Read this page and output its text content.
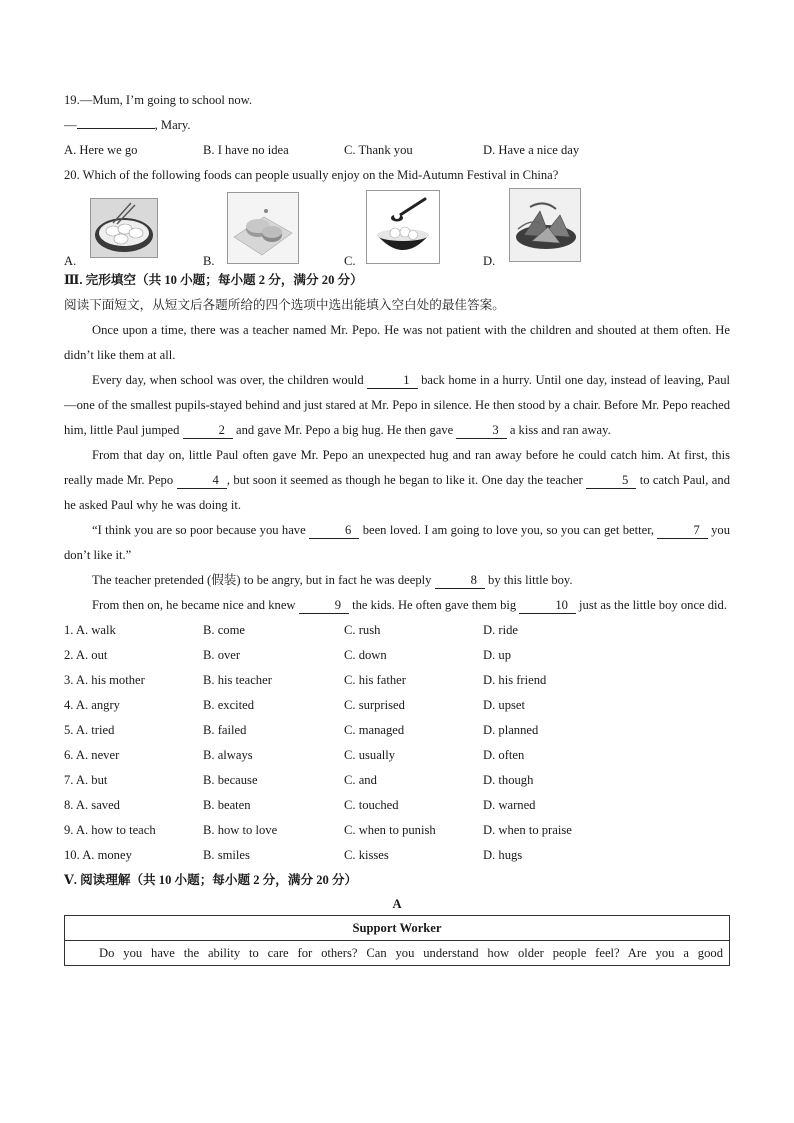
19.—Mum, I’m going to school now.
—	, Mary.
A. Here we go	B. I have no idea	C. Thank you	D. Have a nice day
20. Which of the following foods can people usually enjoy on the Mid-Autumn Festival in China?
A.	B.	C.	D.
Ⅲ. 完形填空（共 10 小题；每小题 2 分，满分 20 分）
阅读下面短文，从短文后各题所给的四个选项中选出能填入空白处的最佳答案。

Once upon a time, there was a teacher named Mr. Pepo. He was not patient with the children and shouted at them often. He didn’t like them at all.

Every day, when school was over, the children would	1 back home in a hurry. Until one day, instead of leaving, Paul—one of the smallest pupils-stayed behind and just stared at Mr. Pepo in silence. He then stood by a chair. Before Mr. Pepo reached him, little Paul jumped	2 and gave Mr. Pepo a big hug. He then gave	3 a kiss and ran away.

From that day on, little Paul often gave Mr. Pepo an unexpected hug and ran away before he could catch him. At first, this really made Mr. Pepo	4 , but soon it seemed as though he began to like it. One day the teacher	5 to catch Paul, and he asked Paul why he was doing it.

“I think you are so poor because you have	6 been loved. I am going to love you, so you can get better,	7 you don’t like it.”

The teacher pretended (假装) to be angry, but in fact he was deeply	8 by this little boy.

From then on, he became nice and knew	9 the kids. He often gave them big	10 just as the little boy once did.

1. A. walk	B. come	C. rush	D. ride
2. A. out	B. over	C. down	D. up
3. A. his mother	B. his teacher	C. his father	D. his friend
4. A. angry	B. excited	C. surprised	D. upset
5. A. tried	B. failed	C. managed	D. planned
6. A. never	B. always	C. usually	D. often
7. A. but	B. because	C. and	D. though
8. A. saved	B. beaten	C. touched	D. warned
9. A. how to teach	B. how to love	C. when to punish	D. when to praise
10. A. money	B. smiles	C. kisses	D. hugs
Ⅴ. 阅读理解（共 10 小题；每小题 2 分，满分 20 分）
A
Support Worker
Do you have the ability to care for others? Can you understand how older people feel? Are you a good
